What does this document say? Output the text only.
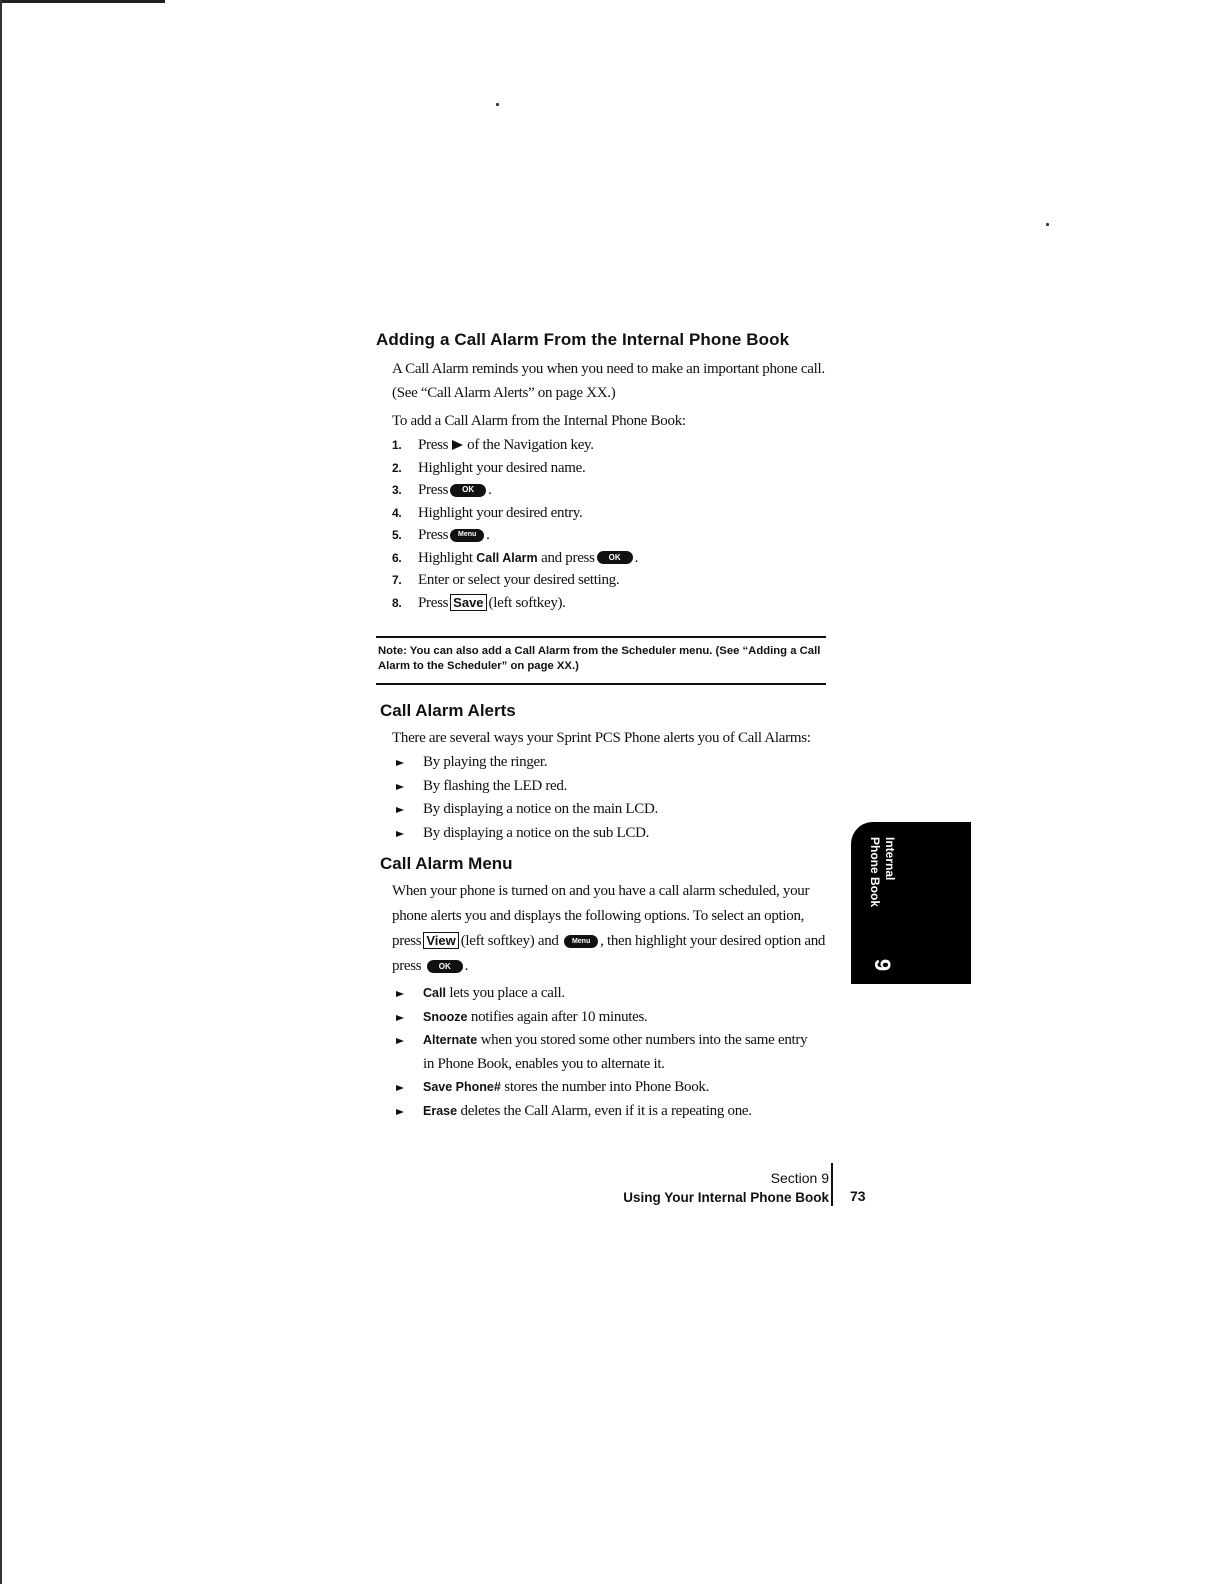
Adding a Call Alarm From the Internal Phone Book

A Call Alarm reminds you when you need to make an important phone call. (See “Call Alarm Alerts” on page XX.)

To add a Call Alarm from the Internal Phone Book:

1.	Press of the Navigation key.
2.	Highlight your desired name.
3.	Press	OK .
4.	Highlight your desired entry.
5.	Press	Menu .
6.	Highlight Call Alarm and press	OK .
7.	Enter or select your desired setting.
8.	Press Save (left softkey).
Note: You can also add a Call Alarm from the Scheduler menu. (See “Adding a Call Alarm to the Scheduler” on page XX.)
Call Alarm Alerts

There are several ways your Sprint PCS Phone alerts you of Call Alarms:

By playing the ringer.
By flashing the LED red.
By displaying a notice on the main LCD.
By displaying a notice on the sub LCD.
Call Alarm Menu

When your phone is turned on and you have a call alarm scheduled, your phone alerts you and displays the following options. To select an option, press View (left softkey) and Menu , then highlight your desired option and press OK .

Call lets you place a call.
Snooze notifies again after 10 minutes.
Alternate when you stored some other numbers into the same entry
in Phone Book, enables you to alternate it.
Save Phone# stores the number into Phone Book.
Erase deletes the Call Alarm, even if it is a repeating one.
Internal
Phone Book
9
Section 9
Using Your Internal Phone Book 73
